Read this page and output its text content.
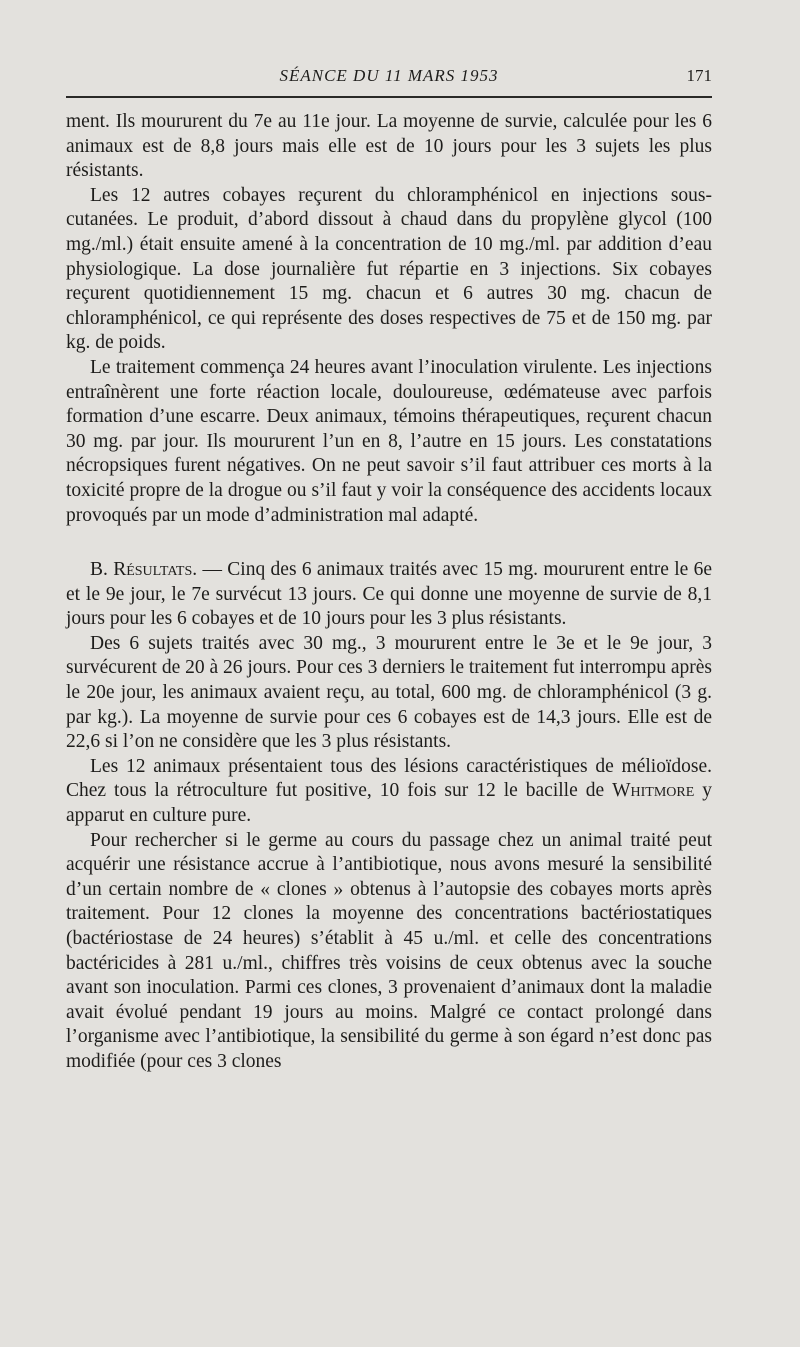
SÉANCE DU 11 MARS 1953	171

ment. Ils moururent du 7e au 11e jour. La moyenne de survie, calculée pour les 6 animaux est de 8,8 jours mais elle est de 10 jours pour les 3 sujets les plus résistants.

Les 12 autres cobayes reçurent du chloramphénicol en injections sous-cutanées. Le produit, d’abord dissout à chaud dans du propylène glycol (100 mg./ml.) était ensuite amené à la concentration de 10 mg./ml. par addition d’eau physiologique. La dose journalière fut répartie en 3 injections. Six cobayes reçurent quotidiennement 15 mg. chacun et 6 autres 30 mg. chacun de chloramphénicol, ce qui représente des doses respectives de 75 et de 150 mg. par kg. de poids.

Le traitement commença 24 heures avant l’inoculation virulente. Les injections entraînèrent une forte réaction locale, douloureuse, œdémateuse avec parfois formation d’une escarre. Deux animaux, témoins thérapeutiques, reçurent chacun 30 mg. par jour. Ils moururent l’un en 8, l’autre en 15 jours. Les constatations nécropsiques furent négatives. On ne peut savoir s’il faut attribuer ces morts à la toxicité propre de la drogue ou s’il faut y voir la conséquence des accidents locaux provoqués par un mode d’administration mal adapté.

B. Résultats. — Cinq des 6 animaux traités avec 15 mg. moururent entre le 6e et le 9e jour, le 7e survécut 13 jours. Ce qui donne une moyenne de survie de 8,1 jours pour les 6 cobayes et de 10 jours pour les 3 plus résistants.

Des 6 sujets traités avec 30 mg., 3 moururent entre le 3e et le 9e jour, 3 survécurent de 20 à 26 jours. Pour ces 3 derniers le traitement fut interrompu après le 20e jour, les animaux avaient reçu, au total, 600 mg. de chloramphénicol (3 g. par kg.). La moyenne de survie pour ces 6 cobayes est de 14,3 jours. Elle est de 22,6 si l’on ne considère que les 3 plus résistants.

Les 12 animaux présentaient tous des lésions caractéristiques de mélioïdose. Chez tous la rétroculture fut positive, 10 fois sur 12 le bacille de Whitmore y apparut en culture pure.

Pour rechercher si le germe au cours du passage chez un animal traité peut acquérir une résistance accrue à l’antibiotique, nous avons mesuré la sensibilité d’un certain nombre de « clones » obtenus à l’autopsie des cobayes morts après traitement. Pour 12 clones la moyenne des concentrations bactériostatiques (bactériostase de 24 heures) s’établit à 45 u./ml. et celle des concentrations bactéricides à 281 u./ml., chiffres très voisins de ceux obtenus avec la souche avant son inoculation. Parmi ces clones, 3 provenaient d’animaux dont la maladie avait évolué pendant 19 jours au moins. Malgré ce contact prolongé dans l’organisme avec l’antibiotique, la sensibilité du germe à son égard n’est donc pas modifiée (pour ces 3 clones
